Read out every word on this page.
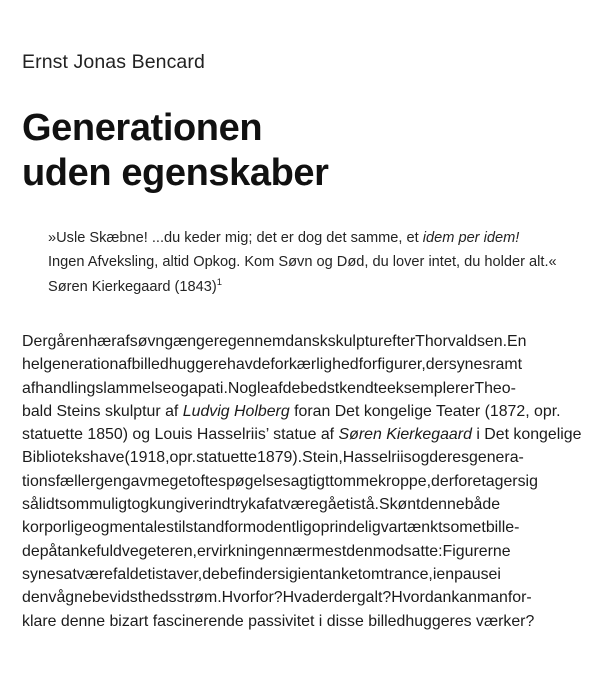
Ernst Jonas Bencard
Generationen
uden egenskaber
»Usle Skæbne! ...du keder mig; det er dog det samme, et idem per idem!
Ingen Afveksling, altid Opkog. Kom Søvn og Død, du lover intet, du holder alt.«
Søren Kierkegaard (1843)$^1$
DergårenhærafsøvngængeregennemdanskskulpturefterThorvaldsen.En
helgenerationafbilledhuggerehavdeforkærlighedforfigurer,dersynesramt
afhandlingslammelseogapati.NogleafdebedstkendteeksemplererTheo-
bald Steins skulptur af Ludvig Holberg foran Det kongelige Teater (1872, opr.
statuette 1850) og Louis Hasselriis’ statue af Søren Kierkegaard i Det kongelige
Bibliotekshave(1918,opr.statuette1879).Stein,Hasselriisogderesgenera-
tionsfællergengavmegetoftespøgelsesagtigttommekroppe,derforetagersig
sålidtsommuligtogkungiverindtrykafatværegåetistå.Skøntdennebåde
korporligeogmentalestilstandformodentligoprindeligvartænktsometbille-
depåtankefuldvegeteren,ervirkningennærmestdenmodsatte:Figurerne
synesatværefaldetistaver,debefindersigientanketomtrance,ienpausei
denvågnebevidsthedsstrøm.Hvorfor?Hvaderdergalt?Hvordankanmanfor-
klare denne bizart fascinerende passivitet i disse billedhuggeres værker?
